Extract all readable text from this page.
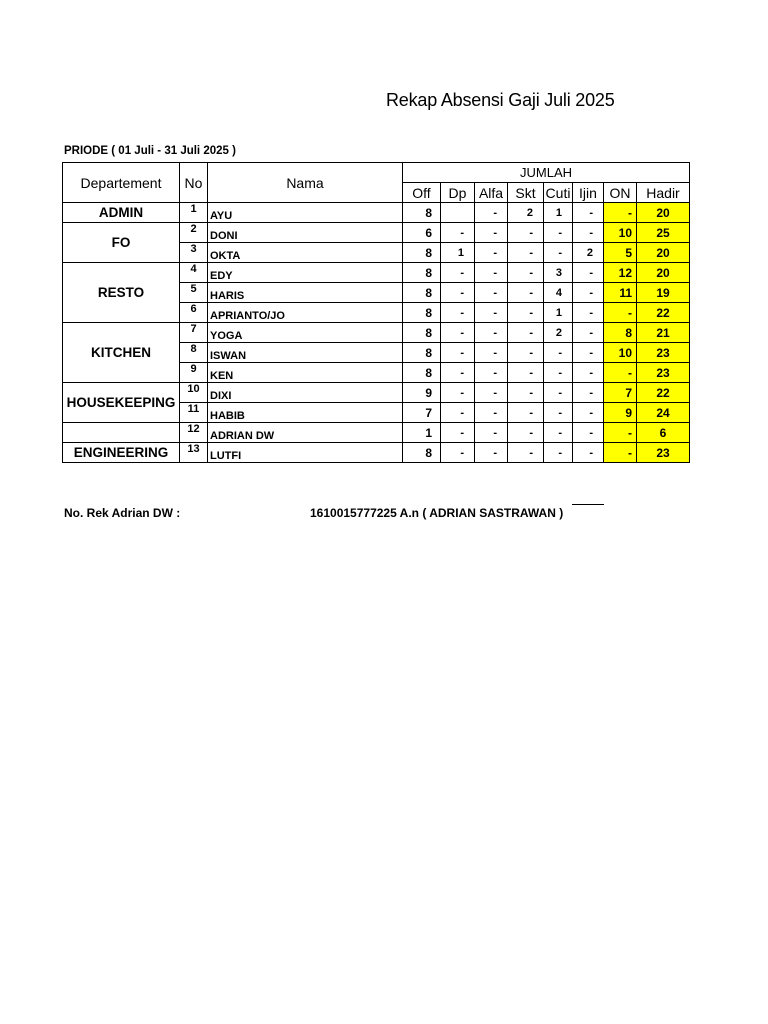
Rekap Absensi Gaji Juli 2025
PRIODE ( 01 Juli - 31 Juli 2025 )
Departement	No	Nama	JUMLAH							
			Off	Dp	Alfa	Skt	Cuti	Ijin	ON	Hadir
ADMIN	1	AYU	8		-	2	1	-	-	20
FO	2	DONI	6	-	-	-	-	-	10	25
	3	OKTA	8	1	-	-	-	2	5	20
RESTO	4	EDY	8	-	-	-	3	-	12	20
	5	HARIS	8	-	-	-	4	-	11	19
	6	APRIANTO/JO	8	-	-	-	1	-	-	22
KITCHEN	7	YOGA	8	-	-	-	2	-	8	21
	8	ISWAN	8	-	-	-	-	-	10	23
	9	KEN	8	-	-	-	-	-	-	23
HOUSEKEEPING	10	DIXI	9	-	-	-	-	-	7	22
	11	HABIB	7	-	-	-	-	-	9	24
	12	ADRIAN DW	1	-	-	-	-	-	-	6
ENGINEERING	13	LUTFI	8	-	-	-	-	-	-	23
No. Rek Adrian DW :	1610015777225 A.n ( ADRIAN SASTRAWAN )
